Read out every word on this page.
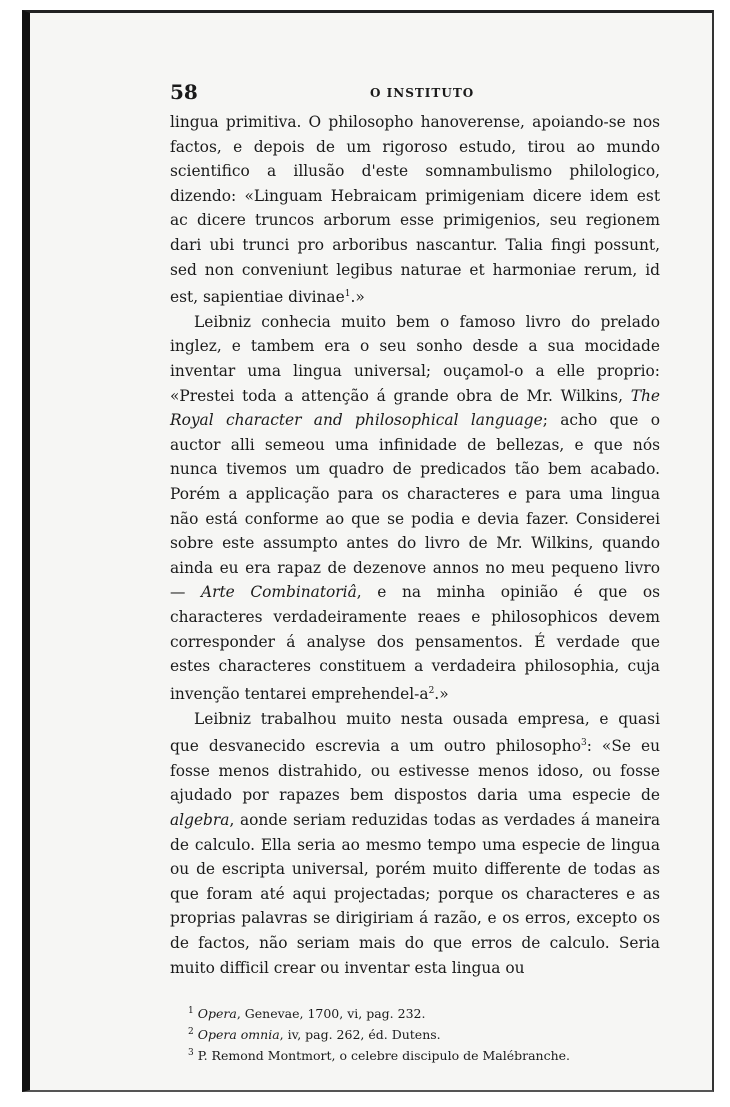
58	O INSTITUTO

lingua primitiva. O philosopho hanoverense, apoiando-se nos factos, e depois de um rigoroso estudo, tirou ao mundo scientifico a illusão d'este somnambulismo philologico, dizendo: «Linguam Hebraicam primigeniam dicere idem est ac dicere truncos arborum esse primigenios, seu regionem dari ubi trunci pro arboribus nascantur. Talia fingi possunt, sed non conveniunt legibus naturae et harmoniae rerum, id est, sapientiae divinae$^1$.»

Leibniz conhecia muito bem o famoso livro do prelado inglez, e tambem era o seu sonho desde a sua mocidade inventar uma lingua universal; ouçamol-o a elle proprio: «Prestei toda a attenção á grande obra de Mr. Wilkins, The Royal character and philosophical language; acho que o auctor alli semeou uma infinidade de bellezas, e que nós nunca tivemos um quadro de predicados tão bem acabado. Porém a applicação para os characteres e para uma lingua não está conforme ao que se podia e devia fazer. Considerei sobre este assumpto antes do livro de Mr. Wilkins, quando ainda eu era rapaz de dezenove annos no meu pequeno livro — Arte Combinatoriâ, e na minha opinião é que os characteres verdadeiramente reaes e philosophicos devem corresponder á analyse dos pensamentos. É verdade que estes characteres constituem a verdadeira philosophia, cuja invenção tentarei emprehendel-$a^2$.»

Leibniz trabalhou muito nesta ousada empresa, e quasi que desvanecido escrevia a um outro philosopho$^3$: «Se eu fosse menos distrahido, ou estivesse menos idoso, ou fosse ajudado por rapazes bem dispostos daria uma especie de algebra, aonde seriam reduzidas todas as verdades á maneira de calculo. Ella seria ao mesmo tempo uma especie de lingua ou de escripta universal, porém muito differente de todas as que foram até aqui projectadas; porque os characteres e as proprias palavras se dirigiriam á razão, e os erros, excepto os de factos, não seriam mais do que erros de calculo. Seria muito difficil crear ou inventar esta lingua ou

$^1$ Opera, Genevae, 1700, vi, pag. 232.
$^2$ Opera omnia, iv, pag. 262, éd. Dutens.
$^3$ P. Remond Montmort, o celebre discipulo de Malébranche.
